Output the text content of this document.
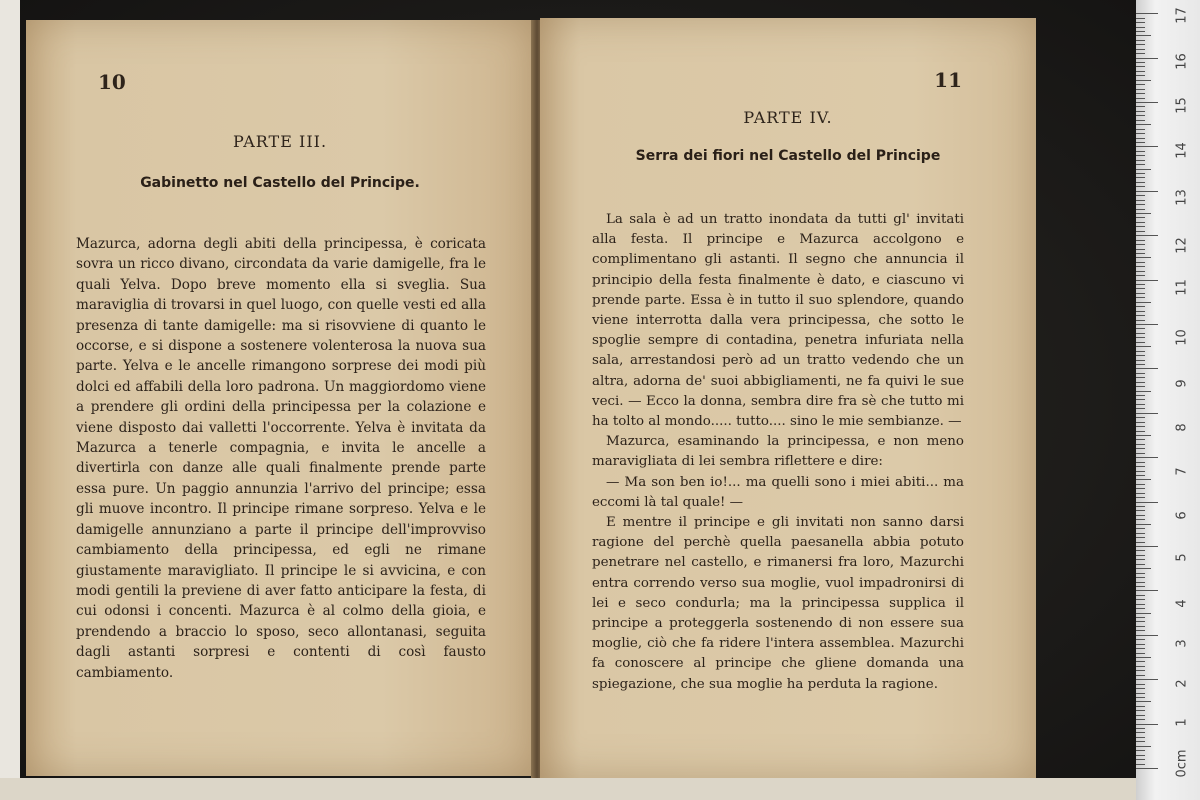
10
PARTE III.
Gabinetto nel Castello del Principe.

Mazurca, adorna degli abiti della principessa, è coricata sovra un ricco divano, circondata da varie damigelle, fra le quali Yelva. Dopo breve momento ella si sveglia. Sua maraviglia di trovarsi in quel luogo, con quelle vesti ed alla presenza di tante damigelle: ma si risovviene di quanto le occorse, e si dispone a sostenere volenterosa la nuova sua parte. Yelva e le ancelle rimangono sorprese dei modi più dolci ed affabili della loro padrona. Un maggiordomo viene a prendere gli ordini della principessa per la colazione e viene disposto dai valletti l'occorrente. Yelva è invitata da Mazurca a tenerle compagnia, e invita le ancelle a divertirla con danze alle quali finalmente prende parte essa pure. Un paggio annunzia l'arrivo del principe; essa gli muove incontro. Il principe rimane sorpreso. Yelva e le damigelle annunziano a parte il principe dell'improvviso cambiamento della principessa, ed egli ne rimane giustamente maravigliato. Il principe le si avvicina, e con modi gentili la previene di aver fatto anticipare la festa, di cui odonsi i concenti. Mazurca è al colmo della gioia, e prendendo a braccio lo sposo, seco allontanasi, seguita dagli astanti sorpresi e contenti di così fausto cambiamento.

11
PARTE IV.
Serra dei fiori nel Castello del Principe

La sala è ad un tratto inondata da tutti gl' invitati alla festa. Il principe e Mazurca accolgono e complimentano gli astanti. Il segno che annuncia il principio della festa finalmente è dato, e ciascuno vi prende parte. Essa è in tutto il suo splendore, quando viene interrotta dalla vera principessa, che sotto le spoglie sempre di contadina, penetra infuriata nella sala, arrestandosi però ad un tratto vedendo che un altra, adorna de' suoi abbigliamenti, ne fa quivi le sue veci. — Ecco la donna, sembra dire fra sè che tutto mi ha tolto al mondo..... tutto.... sino le mie sembianze. —

Mazurca, esaminando la principessa, e non meno maravigliata di lei sembra riflettere e dire:

— Ma son ben io!... ma quelli sono i miei abiti... ma eccomi là tal quale! —

E mentre il principe e gli invitati non sanno darsi ragione del perchè quella paesanella abbia potuto penetrare nel castello, e rimanersi fra loro, Mazurchi entra correndo verso sua moglie, vuol impadronirsi di lei e seco condurla; ma la principessa supplica il principe a proteggerla sostenendo di non essere sua moglie, ciò che fa ridere l'intera assemblea. Mazurchi fa conoscere al principe che gliene domanda una spiegazione, che sua moglie ha perduta la ragione.

0cm
1
2
3
4
5
6
7
8
9
10
11
12
13
14
15
16
17
